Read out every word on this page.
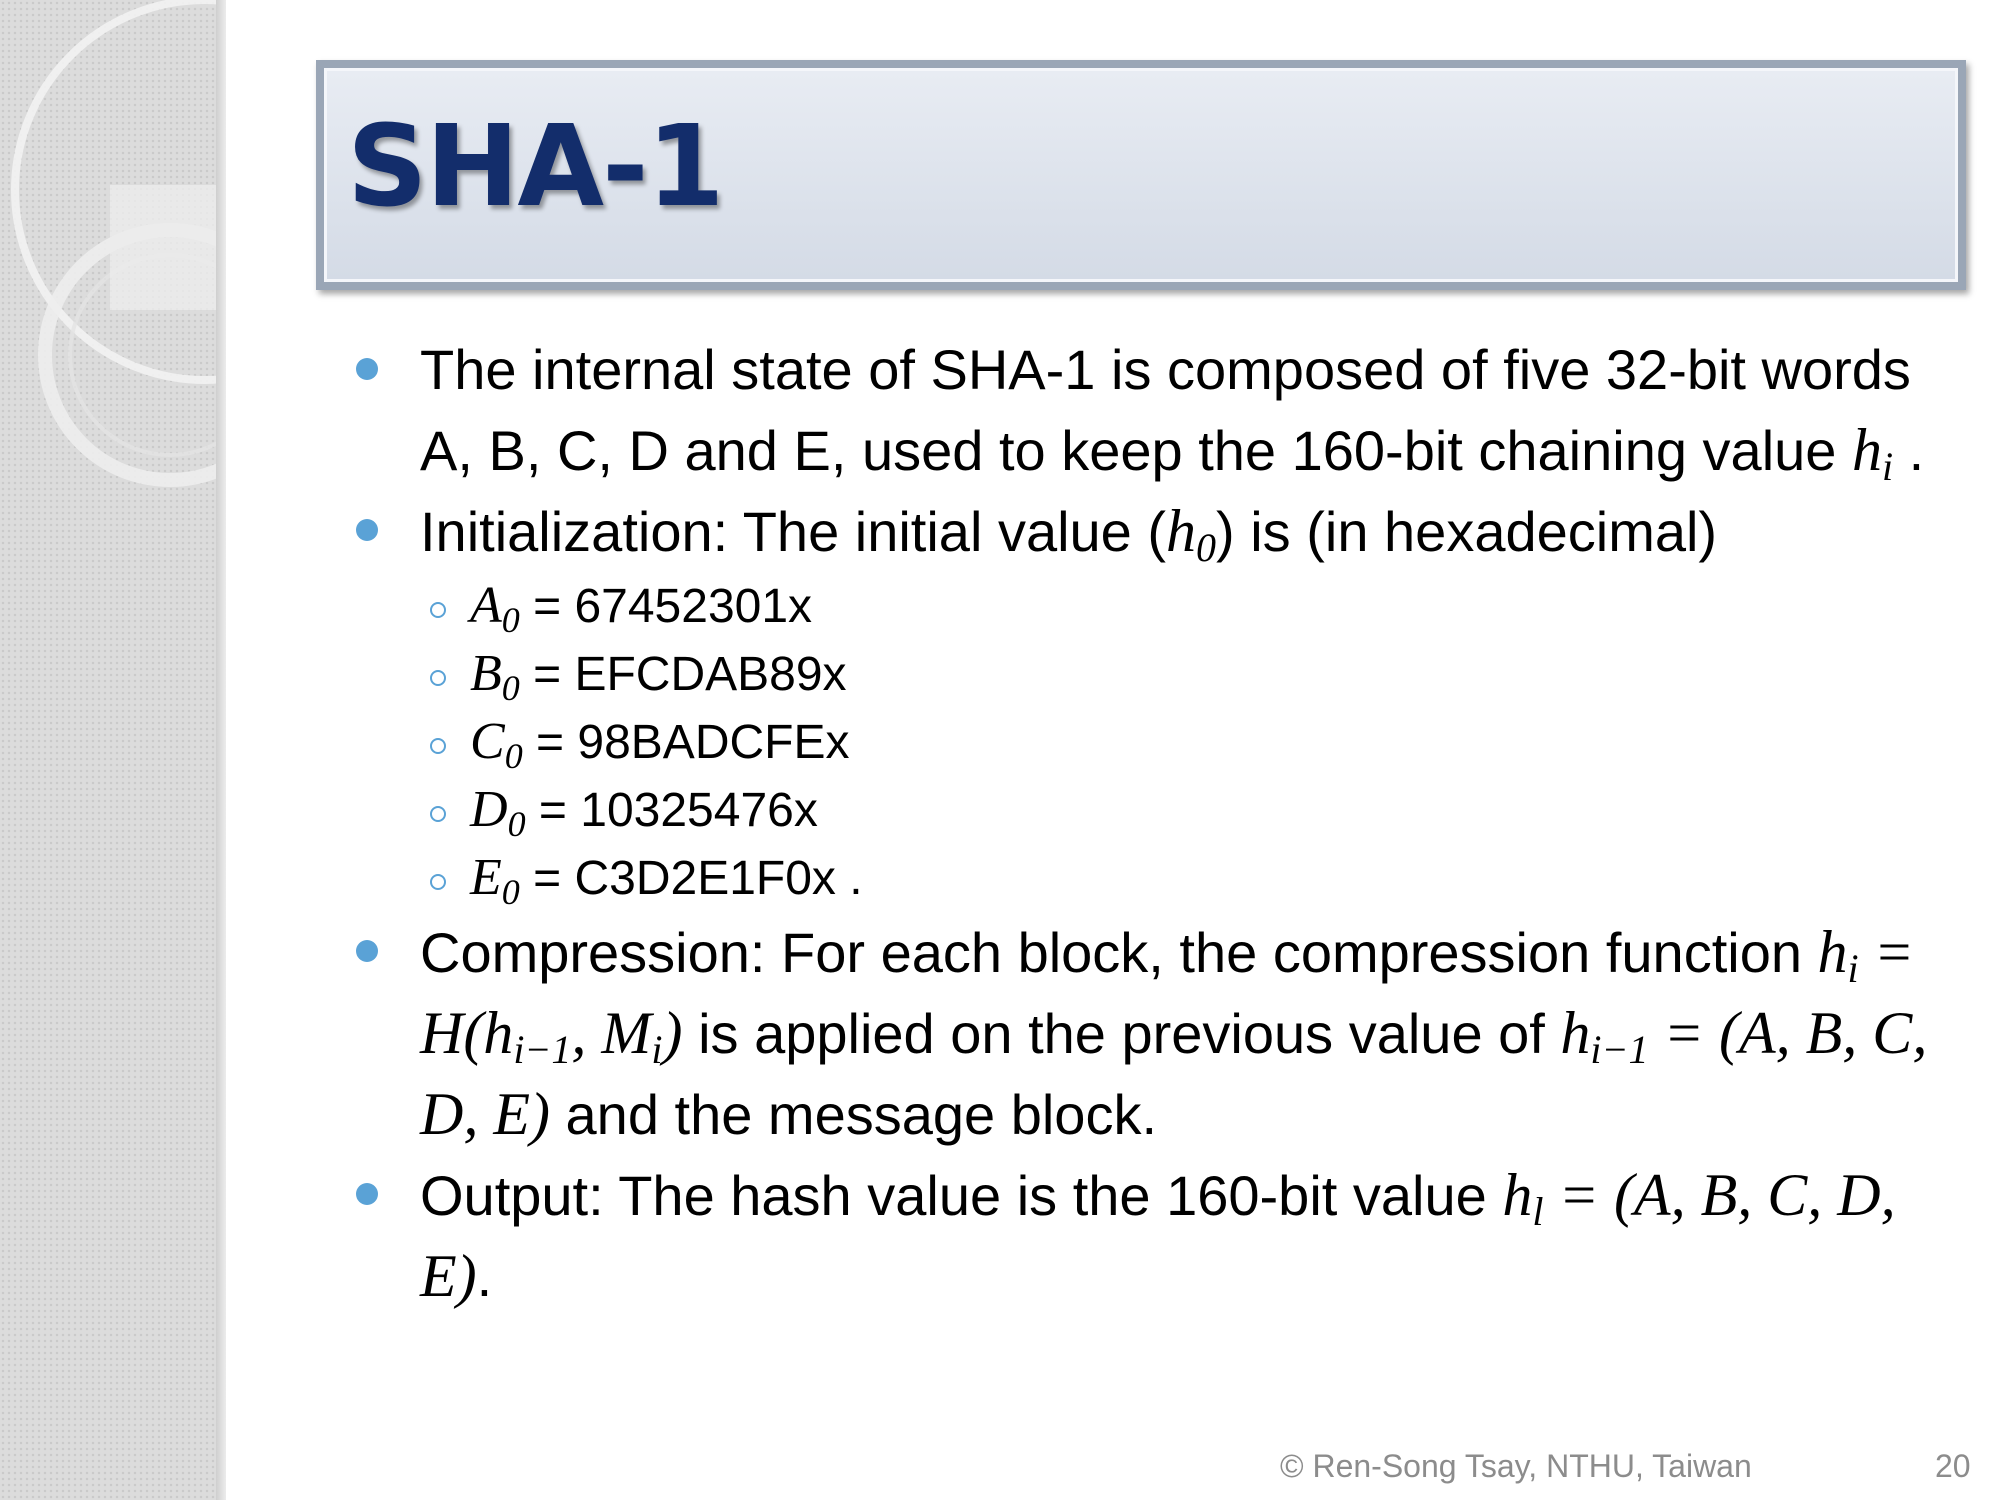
SHA-1
The internal state of SHA-1 is composed of five 32-bit words A, B, C, D and E, used to keep the 160-bit chaining value $h_i$ .
Initialization: The initial value $(h_0)$ is (in hexadecimal)
$A_0 = 67452301x$
$B_0$ = EFCDAB89x
$C_0$ = 98BADCFEx
$D_0 = 10325476x$
$E_0 = C3D2E1F0x$ .
Compression: For each block, the compression function $h_i = H(h_{i-1}$, $M_i$) is applied on the previous value of $h_{i-1} = (A$, B, C, D, E) and the message block.
Output: The hash value is the 160-bit value $h_l = (A$, B, C, D, E).
© Ren-Song Tsay, NTHU, Taiwan	20
